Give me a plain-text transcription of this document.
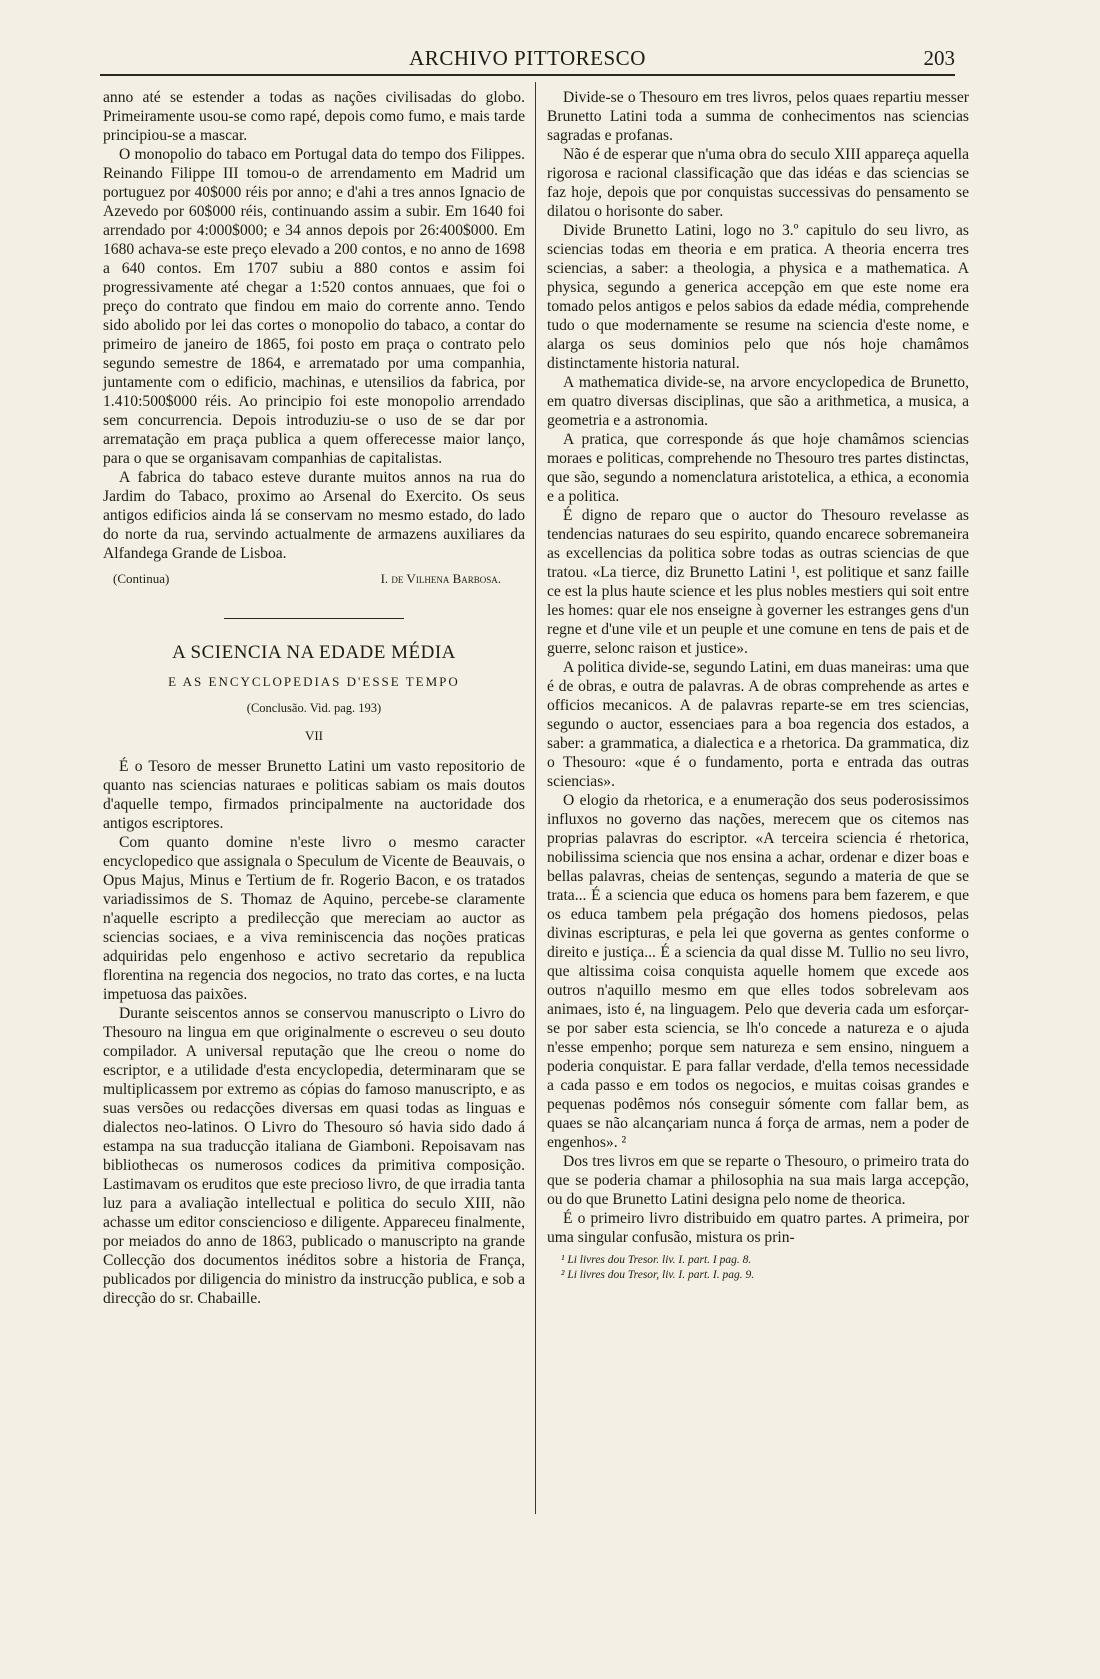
ARCHIVO PITTORESCO	203

anno até se estender a todas as nações civilisadas do globo. Primeiramente usou-se como rapé, depois como fumo, e mais tarde principiou-se a mascar.

O monopolio do tabaco em Portugal data do tempo dos Filippes. Reinando Filippe III tomou-o de arrendamento em Madrid um portuguez por 40$000 réis por anno; e d'ahi a tres annos Ignacio de Azevedo por 60$000 réis, continuando assim a subir. Em 1640 foi arrendado por 4:000$000; e 34 annos depois por 26:400$000. Em 1680 achava-se este preço elevado a 200 contos, e no anno de 1698 a 640 contos. Em 1707 subiu a 880 contos e assim foi progressivamente até chegar a 1:520 contos annuaes, que foi o preço do contrato que findou em maio do corrente anno. Tendo sido abolido por lei das cortes o monopolio do tabaco, a contar do primeiro de janeiro de 1865, foi posto em praça o contrato pelo segundo semestre de 1864, e arrematado por uma companhia, juntamente com o edificio, machinas, e utensilios da fabrica, por 1.410:500$000 réis. Ao principio foi este monopolio arrendado sem concurrencia. Depois introduziu-se o uso de se dar por arrematação em praça publica a quem offerecesse maior lanço, para o que se organisavam companhias de capitalistas.

A fabrica do tabaco esteve durante muitos annos na rua do Jardim do Tabaco, proximo ao Arsenal do Exercito. Os seus antigos edificios ainda lá se conservam no mesmo estado, do lado do norte da rua, servindo actualmente de armazens auxiliares da Alfandega Grande de Lisboa.

(Continua)	I. de Vilhena Barbosa.
A SCIENCIA NA EDADE MÉDIA
E AS ENCYCLOPEDIAS D'ESSE TEMPO
(Conclusão. Vid. pag. 193)
VII

É o Tesoro de messer Brunetto Latini um vasto repositorio de quanto nas sciencias naturaes e politicas sabiam os mais doutos d'aquelle tempo, firmados principalmente na auctoridade dos antigos escriptores.

Com quanto domine n'este livro o mesmo caracter encyclopedico que assignala o Speculum de Vicente de Beauvais, o Opus Majus, Minus e Tertium de fr. Rogerio Bacon, e os tratados variadissimos de S. Thomaz de Aquino, percebe-se claramente n'aquelle escripto a predilecção que mereciam ao auctor as sciencias sociaes, e a viva reminiscencia das noções praticas adquiridas pelo engenhoso e activo secretario da republica florentina na regencia dos negocios, no trato das cortes, e na lucta impetuosa das paixões.

Durante seiscentos annos se conservou manuscripto o Livro do Thesouro na lingua em que originalmente o escreveu o seu douto compilador. A universal reputação que lhe creou o nome do escriptor, e a utilidade d'esta encyclopedia, determinaram que se multiplicassem por extremo as cópias do famoso manuscripto, e as suas versões ou redacções diversas em quasi todas as linguas e dialectos neo-latinos. O Livro do Thesouro só havia sido dado á estampa na sua traducção italiana de Giamboni. Repoisavam nas bibliothecas os numerosos codices da primitiva composição. Lastimavam os eruditos que este precioso livro, de que irradia tanta luz para a avaliação intellectual e politica do seculo XIII, não achasse um editor consciencioso e diligente. Appareceu finalmente, por meiados do anno de 1863, publicado o manuscripto na grande Collecção dos documentos inéditos sobre a historia de França, publicados por diligencia do ministro da instrucção publica, e sob a direcção do sr. Chabaille.

Divide-se o Thesouro em tres livros, pelos quaes repartiu messer Brunetto Latini toda a summa de conhecimentos nas sciencias sagradas e profanas.

Não é de esperar que n'uma obra do seculo XIII appareça aquella rigorosa e racional classificação que das idéas e das sciencias se faz hoje, depois que por conquistas successivas do pensamento se dilatou o horisonte do saber.

Divide Brunetto Latini, logo no 3.º capitulo do seu livro, as sciencias todas em theoria e em pratica. A theoria encerra tres sciencias, a saber: a theologia, a physica e a mathematica. A physica, segundo a generica accepção em que este nome era tomado pelos antigos e pelos sabios da edade média, comprehende tudo o que modernamente se resume na sciencia d'este nome, e alarga os seus dominios pelo que nós hoje chamâmos distinctamente historia natural.

A mathematica divide-se, na arvore encyclopedica de Brunetto, em quatro diversas disciplinas, que são a arithmetica, a musica, a geometria e a astronomia.

A pratica, que corresponde ás que hoje chamâmos sciencias moraes e politicas, comprehende no Thesouro tres partes distinctas, que são, segundo a nomenclatura aristotelica, a ethica, a economia e a politica.

É digno de reparo que o auctor do Thesouro revelasse as tendencias naturaes do seu espirito, quando encarece sobremaneira as excellencias da politica sobre todas as outras sciencias de que tratou. «La tierce, diz Brunetto Latini ¹, est politique et sanz faille ce est la plus haute science et les plus nobles mestiers qui soit entre les homes: quar ele nos enseigne à governer les estranges gens d'un regne et d'une vile et un peuple et une comune en tens de pais et de guerre, selonc raison et justice».

A politica divide-se, segundo Latini, em duas maneiras: uma que é de obras, e outra de palavras. A de obras comprehende as artes e officios mecanicos. A de palavras reparte-se em tres sciencias, segundo o auctor, essenciaes para a boa regencia dos estados, a saber: a grammatica, a dialectica e a rhetorica. Da grammatica, diz o Thesouro: «que é o fundamento, porta e entrada das outras sciencias».

O elogio da rhetorica, e a enumeração dos seus poderosissimos influxos no governo das nações, merecem que os citemos nas proprias palavras do escriptor. «A terceira sciencia é rhetorica, nobilissima sciencia que nos ensina a achar, ordenar e dizer boas e bellas palavras, cheias de sentenças, segundo a materia de que se trata... É a sciencia que educa os homens para bem fazerem, e que os educa tambem pela prégação dos homens piedosos, pelas divinas escripturas, e pela lei que governa as gentes conforme o direito e justiça... É a sciencia da qual disse M. Tullio no seu livro, que altissima coisa conquista aquelle homem que excede aos outros n'aquillo mesmo em que elles todos sobrelevam aos animaes, isto é, na linguagem. Pelo que deveria cada um esforçar-se por saber esta sciencia, se lh'o concede a natureza e o ajuda n'esse empenho; porque sem natureza e sem ensino, ninguem a poderia conquistar. E para fallar verdade, d'ella temos necessidade a cada passo e em todos os negocios, e muitas coisas grandes e pequenas podêmos nós conseguir sómente com fallar bem, as quaes se não alcançariam nunca á força de armas, nem a poder de engenhos». ²

Dos tres livros em que se reparte o Thesouro, o primeiro trata do que se poderia chamar a philosophia na sua mais larga accepção, ou do que Brunetto Latini designa pelo nome de theorica.

É o primeiro livro distribuido em quatro partes. A primeira, por uma singular confusão, mistura os prin-

¹ Li livres dou Tresor. liv. I. part. I pag. 8.
² Li livres dou Tresor, liv. I. part. I. pag. 9.
